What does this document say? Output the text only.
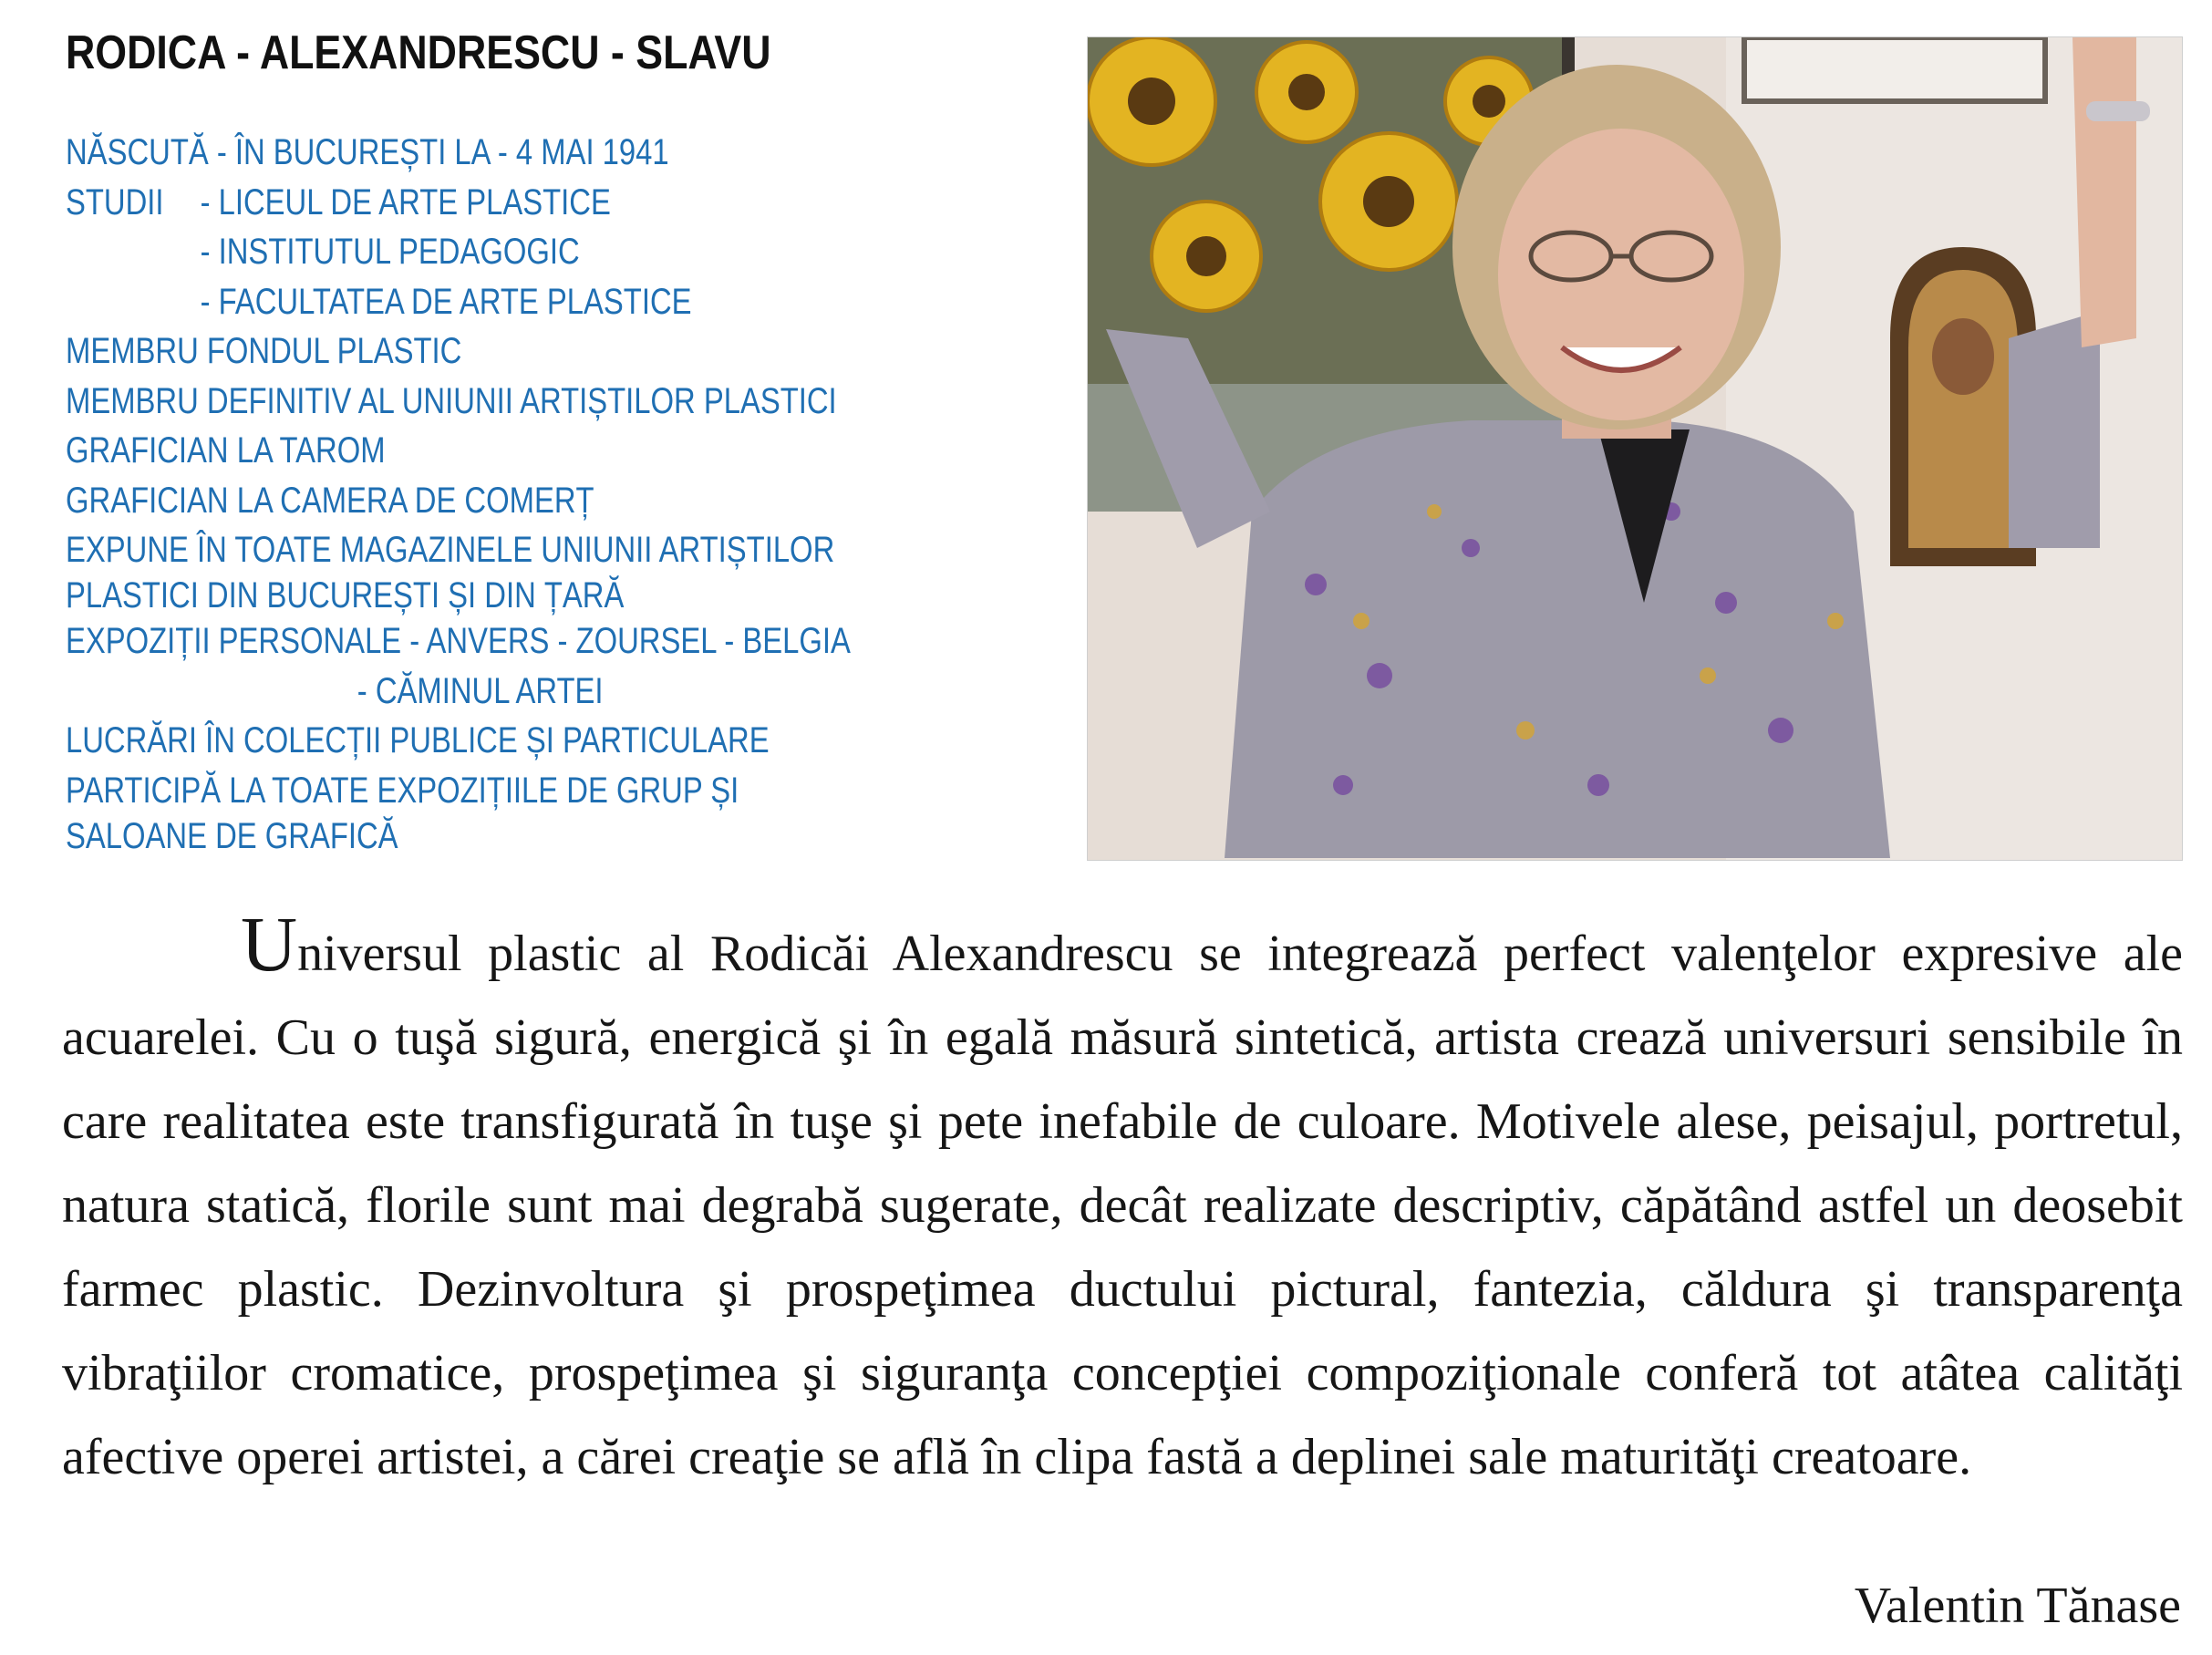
RODICA - ALEXANDRESCU - SLAVU
NĂSCUTĂ - ÎN BUCUREȘTI LA - 4 MAI 1941
STUDII - LICEUL DE ARTE PLASTICE
- INSTITUTUL PEDAGOGIC
- FACULTATEA DE ARTE PLASTICE
MEMBRU FONDUL PLASTIC
MEMBRU DEFINITIV AL UNIUNII ARTIȘTILOR PLASTICI
GRAFICIAN LA TAROM
GRAFICIAN LA CAMERA DE COMERȚ
EXPUNE ÎN TOATE MAGAZINELE UNIUNII ARTIȘTILOR
PLASTICI DIN BUCUREȘTI ȘI DIN ȚARĂ
EXPOZIȚII PERSONALE - ANVERS - ZOURSEL - BELGIA
- CĂMINUL ARTEI
LUCRĂRI ÎN COLECȚII PUBLICE ȘI PARTICULARE
PARTICIPĂ LA TOATE EXPOZIȚIILE DE GRUP ȘI
SALOANE DE GRAFICĂ

Universul plastic al Rodicăi Alexandrescu se integrează perfect valenţelor expresive ale acuarelei. Cu o tuşă sigură, energică şi în egală măsură sintetică, artista crează universuri sensibile în care realitatea este transfigurată în tuşe şi pete inefabile de culoare. Motivele alese, peisajul, portretul, natura statică, florile sunt mai degrabă sugerate, decât realizate descriptiv, căpătând astfel un deosebit farmec plastic. Dezinvoltura şi prospeţimea ductului pictural, fantezia, căldura şi transparenţa vibraţiilor cromatice, prospeţimea şi siguranţa concepţiei compoziţionale conferă tot atâtea calităţi afective operei artistei, a cărei creaţie se află în clipa fastă a deplinei sale maturităţi creatoare.

Valentin Tănase
